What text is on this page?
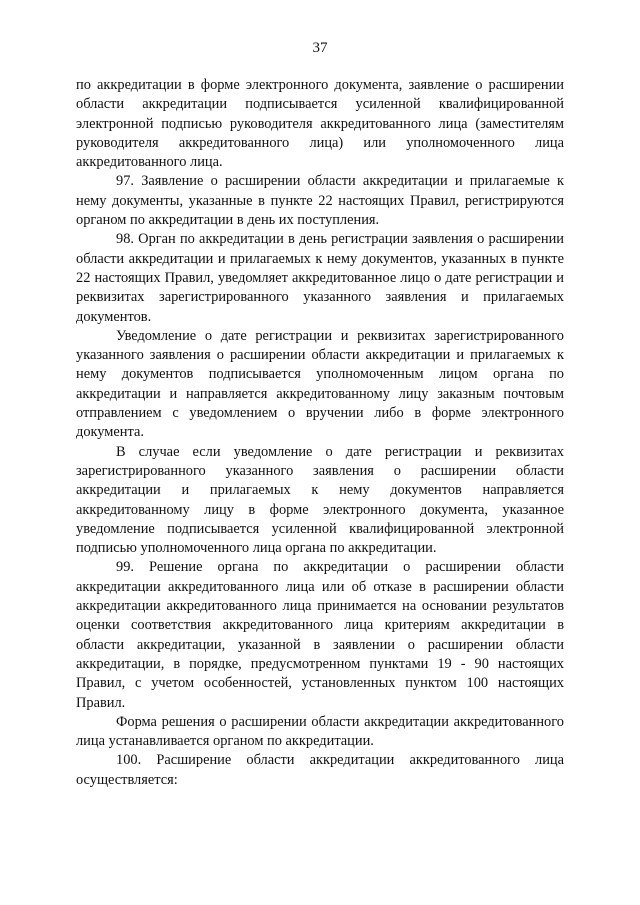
37

по аккредитации в форме электронного документа, заявление о расширении области аккредитации подписывается усиленной квалифицированной электронной подписью руководителя аккредитованного лица (заместителям руководителя аккредитованного лица) или уполномоченного лица аккредитованного лица.

97. Заявление о расширении области аккредитации и прилагаемые к нему документы, указанные в пункте 22 настоящих Правил, регистрируются органом по аккредитации в день их поступления.

98. Орган по аккредитации в день регистрации заявления о расширении области аккредитации и прилагаемых к нему документов, указанных в пункте 22 настоящих Правил, уведомляет аккредитованное лицо о дате регистрации и реквизитах зарегистрированного указанного заявления и прилагаемых документов.

Уведомление о дате регистрации и реквизитах зарегистрированного указанного заявления о расширении области аккредитации и прилагаемых к нему документов подписывается уполномоченным лицом органа по аккредитации и направляется аккредитованному лицу заказным почтовым отправлением с уведомлением о вручении либо в форме электронного документа.

В случае если уведомление о дате регистрации и реквизитах зарегистрированного указанного заявления о расширении области аккредитации и прилагаемых к нему документов направляется аккредитованному лицу в форме электронного документа, указанное уведомление подписывается усиленной квалифицированной электронной подписью уполномоченного лица органа по аккредитации.

99. Решение органа по аккредитации о расширении области аккредитации аккредитованного лица или об отказе в расширении области аккредитации аккредитованного лица принимается на основании результатов оценки соответствия аккредитованного лица критериям аккредитации в области аккредитации, указанной в заявлении о расширении области аккредитации, в порядке, предусмотренном пунктами 19 - 90 настоящих Правил, с учетом особенностей, установленных пунктом 100 настоящих Правил.

Форма решения о расширении области аккредитации аккредитованного лица устанавливается органом по аккредитации.

100. Расширение области аккредитации аккредитованного лица осуществляется:
